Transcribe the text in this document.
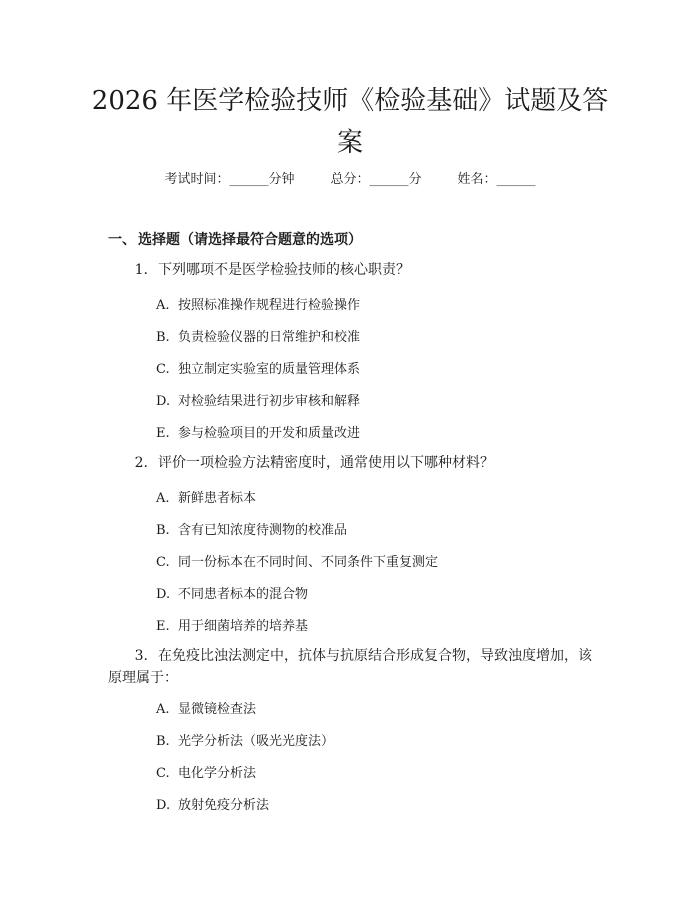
2026 年医学检验技师《检验基础》试题及答案
考试时间：______分钟	总分：______分	姓名：______
一、 选择题（请选择最符合题意的选项）
1. 下列哪项不是医学检验技师的核心职责？
A. 按照标准操作规程进行检验操作
B. 负责检验仪器的日常维护和校准
C. 独立制定实验室的质量管理体系
D. 对检验结果进行初步审核和解释
E. 参与检验项目的开发和质量改进
2. 评价一项检验方法精密度时，通常使用以下哪种材料？
A. 新鲜患者标本
B. 含有已知浓度待测物的校准品
C. 同一份标本在不同时间、不同条件下重复测定
D. 不同患者标本的混合物
E. 用于细菌培养的培养基
3. 在免疫比浊法测定中，抗体与抗原结合形成复合物，导致浊度增加，该原理属于：
A. 显微镜检查法
B. 光学分析法（吸光光度法）
C. 电化学分析法
D. 放射免疫分析法
